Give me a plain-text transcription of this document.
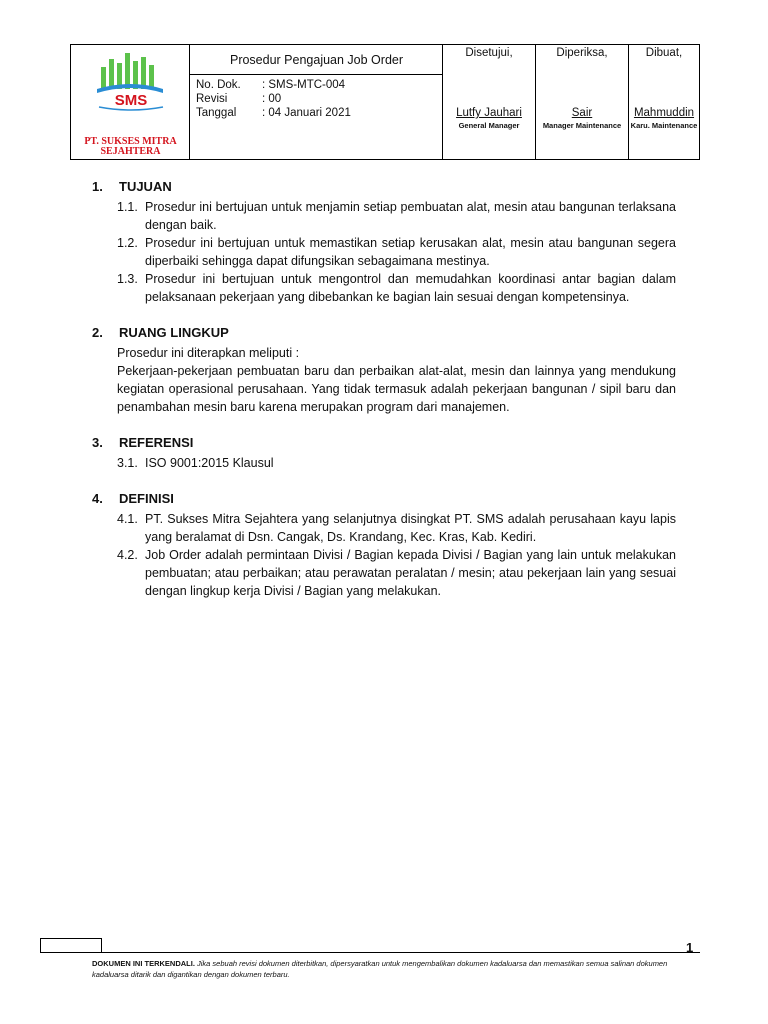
SMS
PT. SUKSES MITRA SEJAHTERA
Prosedur Pengajuan Job Order
No. Dok. : SMS-MTC-004
Revisi	: 00
Tanggal : 04 Januari 2021
Disetujui,
Lutfy Jauhari
General Manager
Diperiksa,
Sair
Manager Maintenance
Dibuat,
Mahmuddin
Karu. Maintenance
1. TUJUAN
1.1. Prosedur ini bertujuan untuk menjamin setiap pembuatan alat, mesin atau bangunan terlaksana dengan baik.
1.2. Prosedur ini bertujuan untuk memastikan setiap kerusakan alat, mesin atau bangunan segera diperbaiki sehingga dapat difungsikan sebagaimana mestinya.
1.3. Prosedur ini bertujuan untuk mengontrol dan memudahkan koordinasi antar bagian dalam pelaksanaan pekerjaan yang dibebankan ke bagian lain sesuai dengan kompetensinya.
2. RUANG LINGKUP
Prosedur ini diterapkan meliputi :
Pekerjaan-pekerjaan pembuatan baru dan perbaikan alat-alat, mesin dan lainnya yang mendukung kegiatan operasional perusahaan. Yang tidak termasuk adalah pekerjaan bangunan / sipil baru dan penambahan mesin baru karena merupakan program dari manajemen.
3. REFERENSI
3.1. ISO 9001:2015 Klausul
4. DEFINISI
4.1. PT. Sukses Mitra Sejahtera yang selanjutnya disingkat PT. SMS adalah perusahaan kayu lapis yang beralamat di Dsn. Cangak, Ds. Krandang, Kec. Kras, Kab. Kediri.
4.2. Job Order adalah permintaan Divisi / Bagian kepada Divisi / Bagian yang lain untuk melakukan pembuatan; atau perbaikan; atau perawatan peralatan / mesin; atau pekerjaan lain yang sesuai dengan lingkup kerja Divisi / Bagian yang melakukan.
1
DOKUMEN INI TERKENDALI. Jika sebuah revisi dokumen diterbitkan, dipersyaratkan untuk mengembalikan dokumen kadaluarsa dan memastikan semua salinan dokumen kadaluarsa ditarik dan digantikan dengan dokumen terbaru.
